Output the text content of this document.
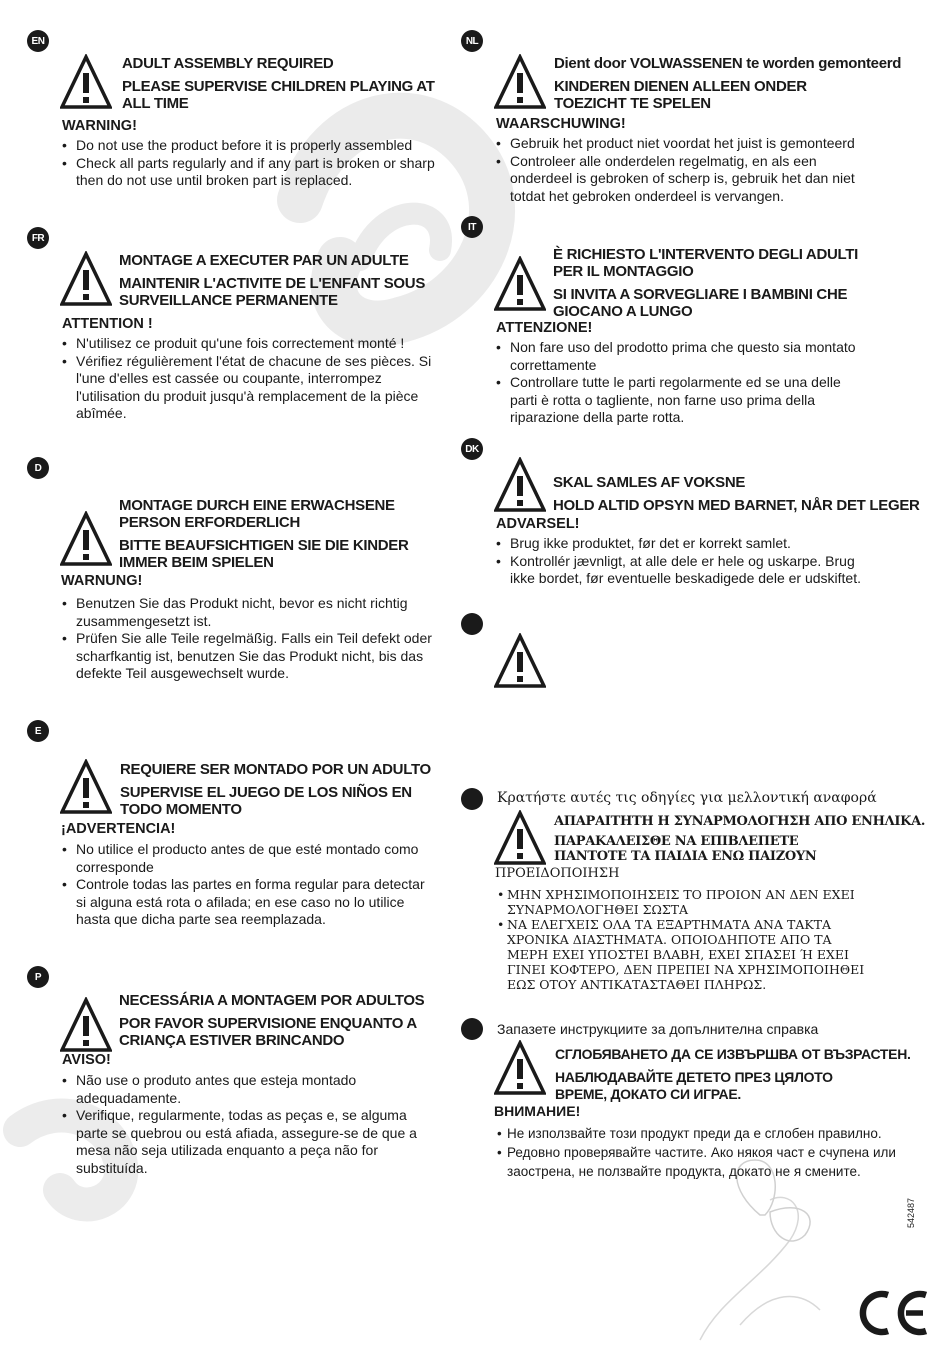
EN
ADULT ASSEMBLY REQUIRED
PLEASE SUPERVISE CHILDREN PLAYING AT ALL TIME
WARNING!
• Do not use the product before it is properly assembled
• Check all parts regularly and if any part is broken or sharp then do not use until broken part is replaced.
NL
Dient door VOLWASSENEN te worden gemonteerd
KINDEREN DIENEN ALLEEN ONDER TOEZICHT TE SPELEN
WAARSCHUWING!
• Gebruik het product niet voordat het juist is gemonteerd
• Controleer alle onderdelen regelmatig, en als een onderdeel is gebroken of scherp is, gebruik het dan niet totdat het gebroken onderdeel is vervangen.
FR
MONTAGE A EXECUTER PAR UN ADULTE
MAINTENIR L'ACTIVITE DE L'ENFANT SOUS SURVEILLANCE PERMANENTE
ATTENTION !
• N'utilisez ce produit qu'une fois correctement monté !
• Vérifiez régulièrement l'état de chacune de ses pièces. Si l'une d'elles est cassée ou coupante, interrompez l'utilisation du produit jusqu'à remplacement de la pièce abîmée.
IT
È RICHIESTO L'INTERVENTO DEGLI ADULTI PER IL MONTAGGIO
SI INVITA A SORVEGLIARE I BAMBINI CHE GIOCANO A LUNGO
ATTENZIONE!
• Non fare uso del prodotto prima che questo sia montato correttamente
• Controllare tutte le parti regolarmente ed se una delle parti è rotta o tagliente, non farne uso prima della riparazione della parte rotta.
D
MONTAGE DURCH EINE ERWACHSENE PERSON ERFORDERLICH
BITTE BEAUFSICHTIGEN SIE DIE KINDER IMMER BEIM SPIELEN
WARNUNG!
• Benutzen Sie das Produkt nicht, bevor es nicht richtig zusammengesetzt ist.
• Prüfen Sie alle Teile regelmäßig. Falls ein Teil defekt oder scharfkantig ist, benutzen Sie das Produkt nicht, bis das defekte Teil ausgewechselt wurde.
DK
SKAL SAMLES AF VOKSNE
HOLD ALTID OPSYN MED BARNET, NÅR DET LEGER
ADVARSEL!
• Brug ikke produktet, før det er korrekt samlet.
• Kontrollér jævnligt, at alle dele er hele og uskarpe. Brug ikke bordet, før eventuelle beskadigede dele er udskiftet.
E
REQUIERE SER MONTADO POR UN ADULTO
SUPERVISE EL JUEGO DE LOS NIÑOS EN TODO MOMENTO
¡ADVERTENCIA!
• No utilice el producto antes de que esté montado como corresponde
• Controle todas las partes en forma regular para detectar si alguna está rota o afilada; en ese caso no lo utilice hasta que dicha parte sea reemplazada.
Κρατήστε αυτές τις οδηγίες για μελλοντική αναφορά
ΑΠΑΡΑΙΤΗΤΗ Η ΣΥΝΑΡΜΟΛΟΓΗΣΗ ΑΠΟ ΕΝΗΛΙΚΑ.
ΠΑΡΑΚΑΛΕΙΣΘΕ ΝΑ ΕΠΙΒΛΕΠΕΤΕ ΠΑΝΤΟΤΕ ΤΑ ΠΑΙΔΙΑ ΕΝΩ ΠΑΙΖΟΥΝ
ΠΡΟΕΙΔΟΠΟΙΗΣΗ
• ΜΗΝ ΧΡΗΣΙΜΟΠΟΙΗΣΕΙΣ ΤΟ ΠΡΟΙΟΝ ΑΝ ΔΕΝ ΕΧΕΙ ΣΥΝΑΡΜΟΛΟΓΗΘΕΙ ΣΩΣΤΑ
• ΝΑ ΕΛΕΓΧΕΙΣ ΟΛΑ ΤΑ ΕΞΑΡΤΗΜΑΤΑ ΑΝΑ ΤΑΚΤΑ ΧΡΟΝΙΚΑ ΔΙΑΣΤΗΜΑΤΑ. ΟΠΟΙΟΔΗΠΟΤΕ ΑΠΟ ΤΑ ΜΕΡΗ ΕΧΕΙ ΥΠΟΣΤΕΙ ΒΛΑΒΗ, ΕΧΕΙ ΣΠΑΣΕΙ Ή ΕΧΕΙ ΓΙΝΕΙ ΚΟΦΤΕΡΟ, ΔΕΝ ΠΡΕΠΕΙ ΝΑ ΧΡΗΣΙΜΟΠΟΙΗΘΕΙ ΕΩΣ ΟΤΟΥ ΑΝΤΙΚΑΤΑΣΤΑΘΕΙ ΠΛΗΡΩΣ.
P
NECESSÁRIA A MONTAGEM POR ADULTOS
POR FAVOR SUPERVISIONE ENQUANTO A CRIANÇA ESTIVER BRINCANDO
AVISO!
• Não use o produto antes que esteja montado adequadamente.
• Verifique, regularmente, todas as peças e, se alguma parte se quebrou ou está afiada, assegure-se de que a mesa não seja utilizada enquanto a peça não for substituída.
Запазете инструкциите за допълнителна справка
СГЛОБЯВАНЕТО ДА СЕ ИЗВЪРШВА ОТ ВЪЗРАСТЕН.
НАБЛЮДАВАЙТЕ ДЕТЕТО ПРЕЗ ЦЯЛОТО ВРЕМЕ, ДОКАТО СИ ИГРАЕ.
ВНИМАНИЕ!
• Не използвайте този продукт преди да е сглобен правилно.
• Редовно проверявайте частите. Ако някоя част е счупена или заострена, не ползвайте продукта, докато не я смените.
542487
